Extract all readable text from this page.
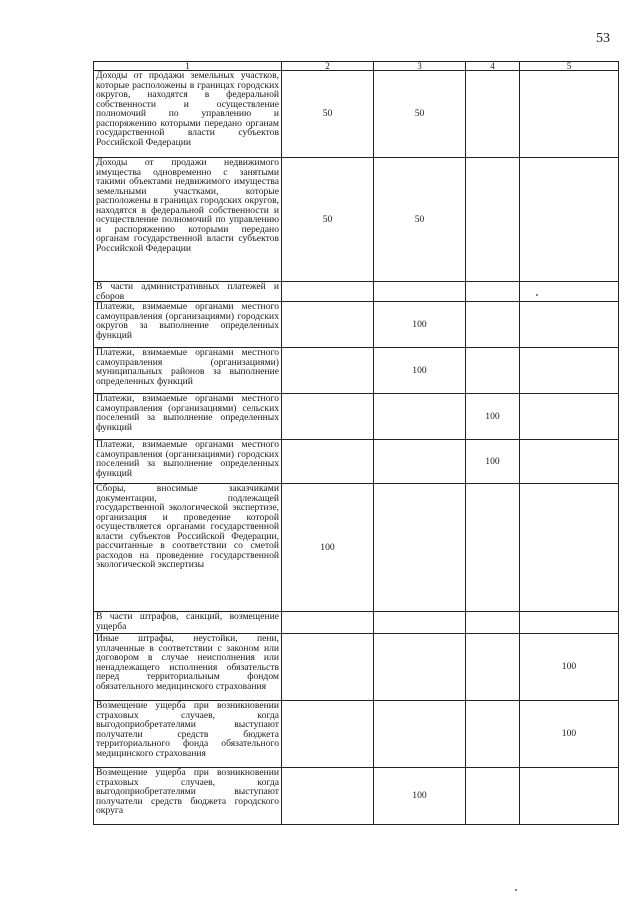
53
1	2	3	4	5
Доходы от продажи земельных участков, которые расположены в границах городских округов, находятся в федеральной собственности и осуществление полномочий по управлению и распоряжению которыми передано органам государственной власти субъектов Российской Федерации	50	50		
Доходы от продажи недвижимого имущества одновременно с занятыми такими объектами недвижимого имущества земельными участками, которые расположены в границах городских округов, находятся в федеральной собственности и осуществление полномочий по управлению и распоряжению которыми передано органам государственной власти субъектов Российской Федерации	50	50		
В части административных платежей и сборов				
Платежи, взимаемые органами местного самоуправления (организациями) городских округов за выполнение определенных функций		100		
Платежи, взимаемые органами местного самоуправления (организациями) муниципальных районов за выполнение определенных функций		100		
Платежи, взимаемые органами местного самоуправления (организациями) сельских поселений за выполнение определенных функций			100	
Платежи, взимаемые органами местного самоуправления (организациями) городских поселений за выполнение определенных функций			100	
Сборы, вносимые заказчиками документации, подлежащей государственной экологической экспертизе, организация и проведение которой осуществляется органами государственной власти субъектов Российской Федерации, рассчитанные в соответствии со сметой расходов на проведение государственной экологической экспертизы	100			
В части штрафов, санкций, возмещение ущерба				
Иные штрафы, неустойки, пени, уплаченные в соответствии с законом или договором в случае неисполнения или ненадлежащего исполнения обязательств перед территориальным фондом обязательного медицинского страхования				100
Возмещение ущерба при возникновении страховых случаев, когда выгодоприобретателями выступают получатели средств бюджета территориального фонда обязательного медицинского страхования				100
Возмещение ущерба при возникновении страховых случаев, когда выгодоприобретателями выступают получатели средств бюджета городского округа		100		
